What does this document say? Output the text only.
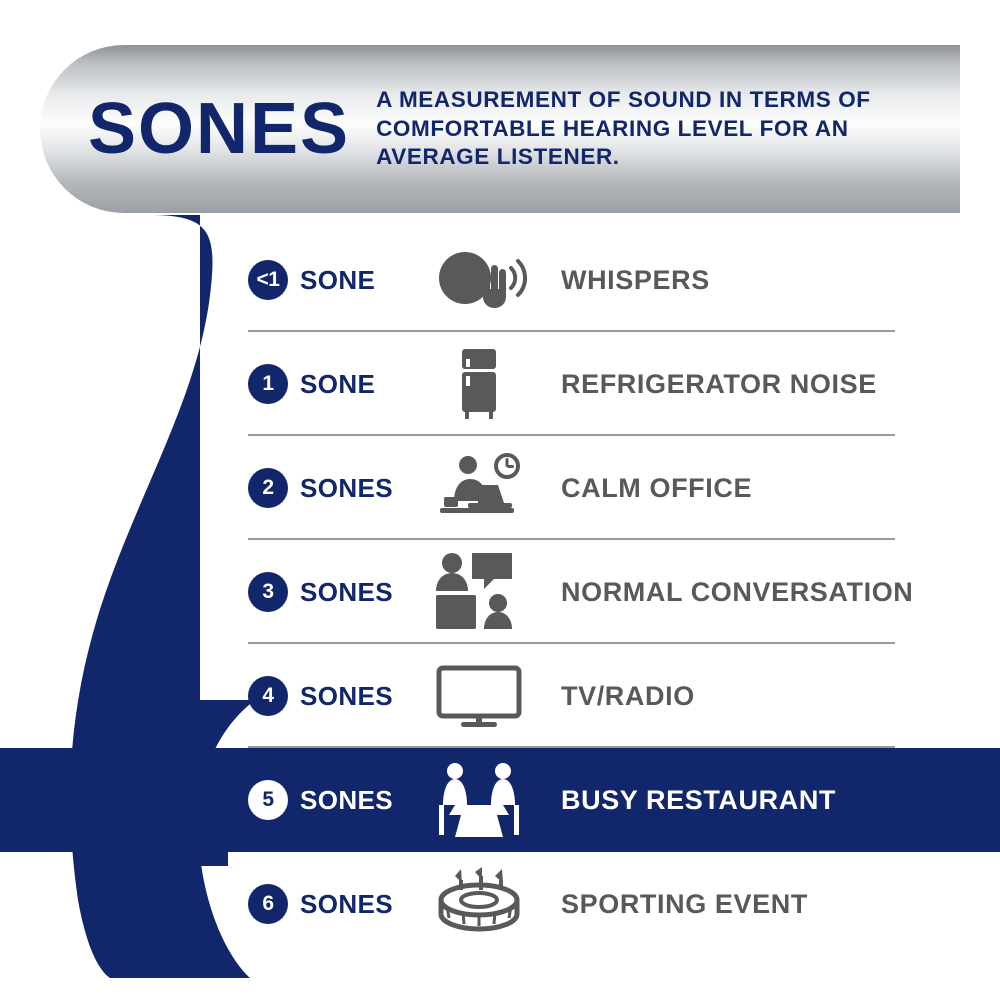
SONES	A MEASUREMENT OF SOUND IN TERMS OF COMFORTABLE HEARING LEVEL FOR AN AVERAGE LISTENER.
<1 SONE	WHISPERS
1	SONE	REFRIGERATOR NOISE
2	SONES	CALM OFFICE
3	SONES	NORMAL CONVERSATION
4	SONES	TV/RADIO
5	SONES	BUSY RESTAURANT
6	SONES	SPORTING EVENT
